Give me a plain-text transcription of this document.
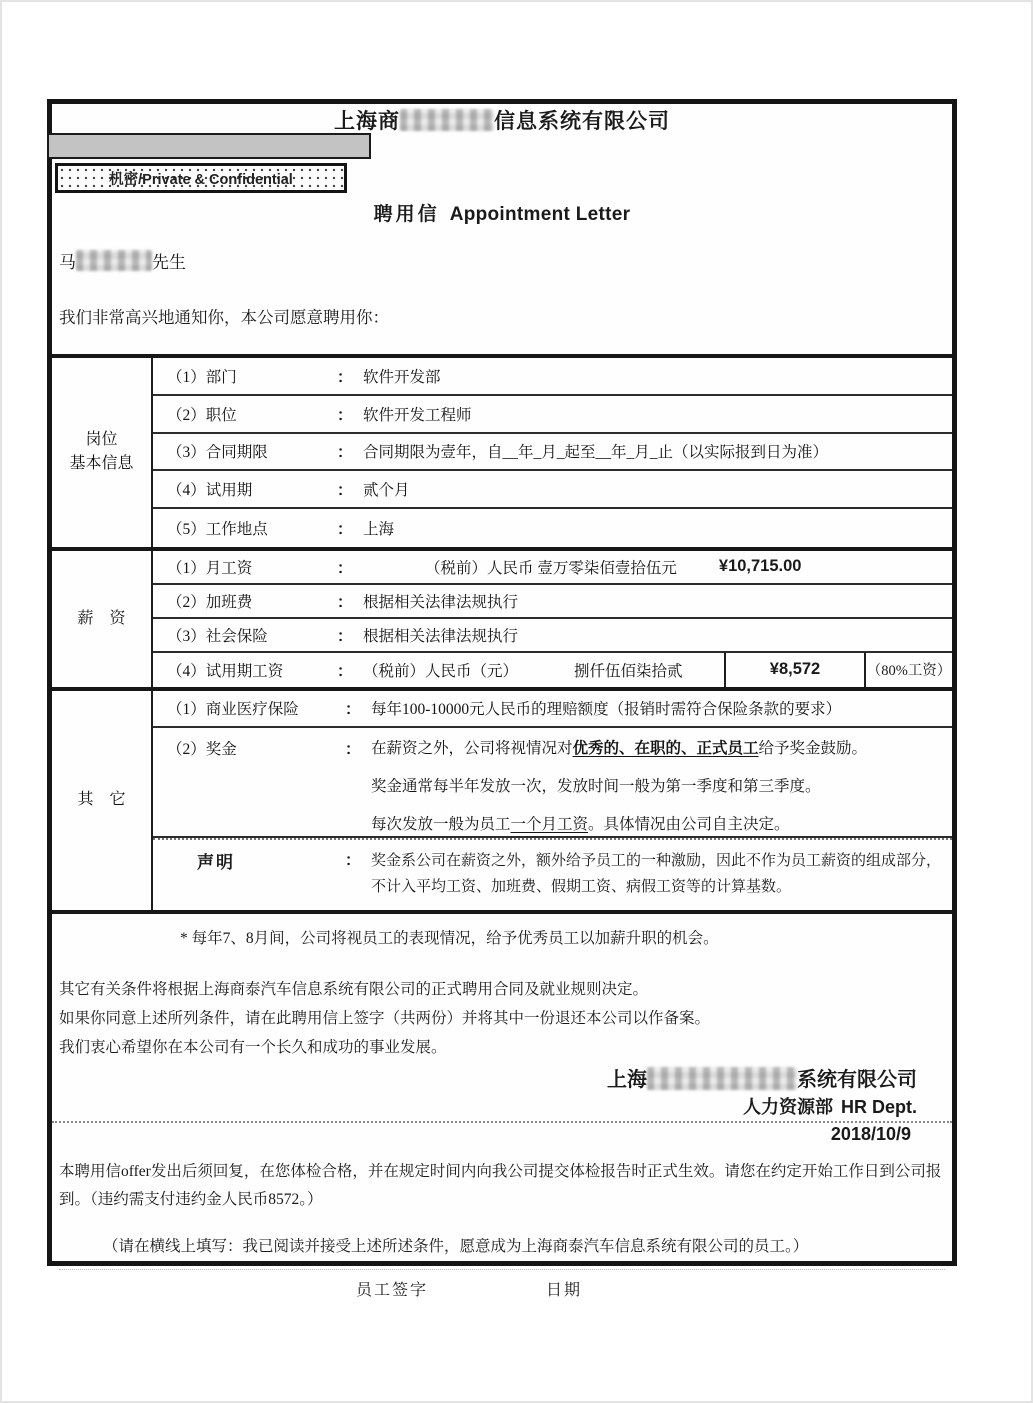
上海商	信息系统有限公司
机密/Private & Confidential
聘用信 Appointment Letter
马	先生
我们非常高兴地通知你，本公司愿意聘用你：
岗位
基本信息
（1）部门	： 软件开发部
（2）职位	： 软件开发工程师
（3）合同期限	： 合同期限为壹年，自__年_月_起至__年_月_止（以实际报到日为准）
（4）试用期	： 贰个月
（5）工作地点	： 上海
薪 资
（1）月工资	：	（税前）人民币 壹万零柒佰壹拾伍元	¥10,715.00
（2）加班费	： 根据相关法律法规执行
（3）社会保险	： 根据相关法律法规执行
（4）试用期工资	： （税前）人民币（元）	捌仟伍佰柒拾贰	¥8,572	（80%工资）
其 它
（1）商业医疗保险	： 每年100-10000元人民币的理赔额度（报销时需符合保险条款的要求）
（2）奖金	： 在薪资之外，公司将视情况对优秀的、在职的、正式员工给予奖金鼓励。

奖金通常每半年发放一次，发放时间一般为第一季度和第三季度。

每次发放一般为员工一个月工资。具体情况由公司自主决定。

声明	： 奖金系公司在薪资之外，额外给予员工的一种激励，因此不作为员工薪资的组成部分，不计入平均工资、加班费、假期工资、病假工资等的计算基数。

* 每年7、8月间，公司将视员工的表现情况，给予优秀员工以加薪升职的机会。

其它有关条件将根据上海商泰汽车信息系统有限公司的正式聘用合同及就业规则决定。

如果你同意上述所列条件，请在此聘用信上签字（共两份）并将其中一份退还本公司以作备案。

我们衷心希望你在本公司有一个长久和成功的事业发展。

上海	系统有限公司
人力资源部 HR Dept.
2018/10/9

本聘用信offer发出后须回复，在您体检合格，并在规定时间内向我公司提交体检报告时正式生效。请您在约定开始工作日到公司报到。（违约需支付违约金人民币8572。）

（请在横线上填写：我已阅读并接受上述所述条件，愿意成为上海商泰汽车信息系统有限公司的员工。）

员工签字	日期
